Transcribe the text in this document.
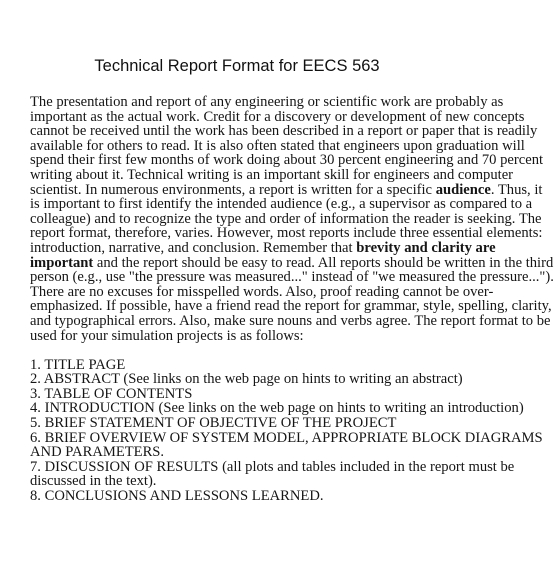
Technical Report Format for EECS 563
The presentation and report of any engineering or scientific work are probably as
important as the actual work. Credit for a discovery or development of new concepts
cannot be received until the work has been described in a report or paper that is readily
available for others to read. It is also often stated that engineers upon graduation will
spend their first few months of work doing about 30 percent engineering and 70 percent
writing about it. Technical writing is an important skill for engineers and computer
scientist. In numerous environments, a report is written for a specific audience. Thus, it
is important to first identify the intended audience (e.g., a supervisor as compared to a
colleague) and to recognize the type and order of information the reader is seeking. The
report format, therefore, varies. However, most reports include three essential elements:
introduction, narrative, and conclusion. Remember that brevity and clarity are
important and the report should be easy to read. All reports should be written in the third
person (e.g., use "the pressure was measured..." instead of "we measured the pressure...").
There are no excuses for misspelled words. Also, proof reading cannot be over-
emphasized. If possible, have a friend read the report for grammar, style, spelling, clarity,
and typographical errors. Also, make sure nouns and verbs agree. The report format to be
used for your simulation projects is as follows:
1. TITLE PAGE
2. ABSTRACT (See links on the web page on hints to writing an abstract)
3. TABLE OF CONTENTS
4. INTRODUCTION (See links on the web page on hints to writing an introduction)
5. BRIEF STATEMENT OF OBJECTIVE OF THE PROJECT
6. BRIEF OVERVIEW OF SYSTEM MODEL, APPROPRIATE BLOCK DIAGRAMS
AND PARAMETERS.
7. DISCUSSION OF RESULTS (all plots and tables included in the report must be
discussed in the text).
8. CONCLUSIONS AND LESSONS LEARNED.
